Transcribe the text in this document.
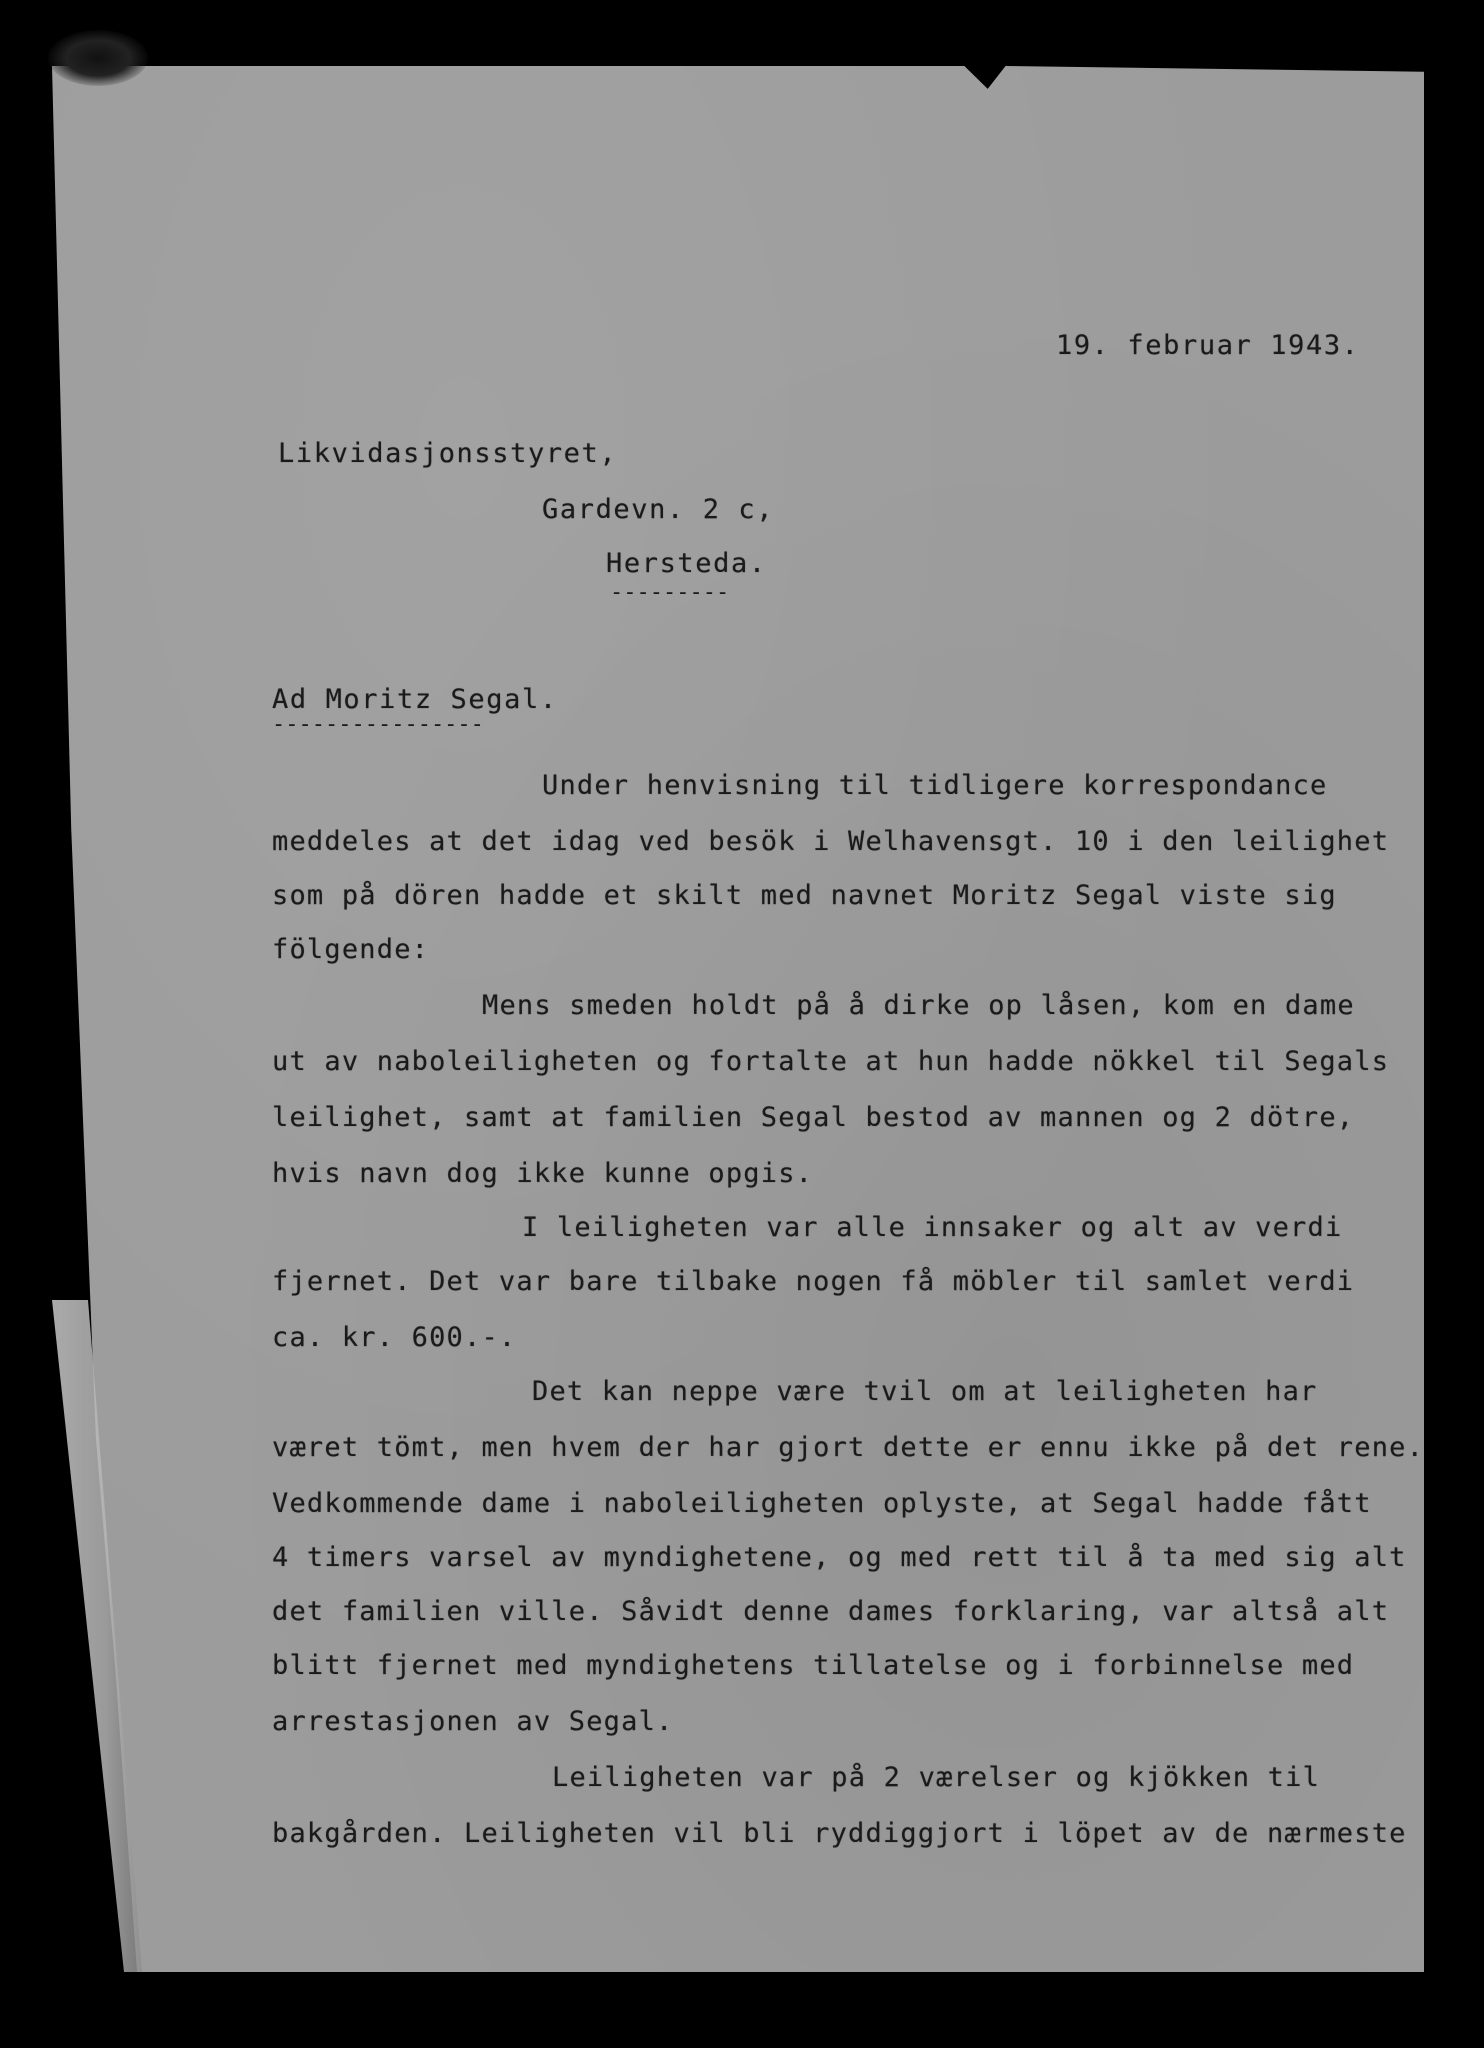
19. februar 1943.
Likvidasjonsstyret,
Gardevn. 2 c,
Herstedа.
---------
Ad Moritz Segal.
----------------
Under henvisning til tidligere korrespondance
meddeles at det idag ved besök i Welhavensgt. 10 i den leilighet
som på dören hadde et skilt med navnet Moritz Segal viste sig
fölgende:
Mens smeden holdt på å dirke op låsen, kom en dame
ut av naboleiligheten og fortalte at hun hadde nökkel til Segals
leilighet, samt at familien Segal bestod av mannen og 2 dötre,
hvis navn dog ikke kunne opgis.
I leiligheten var alle innsaker og alt av verdi
fjernet. Det var bare tilbake nogen få möbler til samlet verdi
ca. kr. 600.-.
Det kan neppe være tvil om at leiligheten har
været tömt, men hvem der har gjort dette er ennu ikke på det rene.
Vedkommende dame i naboleiligheten oplyste, at Segal hadde fått
4 timers varsel av myndighetene, og med rett til å ta med sig alt
det familien ville. Såvidt denne dames forklaring, var altså alt
blitt fjernet med myndighetens tillatelse og i forbinnelse med
arrestasjonen av Segal.
Leiligheten var på 2 værelser og kjökken til
bakgården. Leiligheten vil bli ryddiggjort i löpet av de nærmeste
